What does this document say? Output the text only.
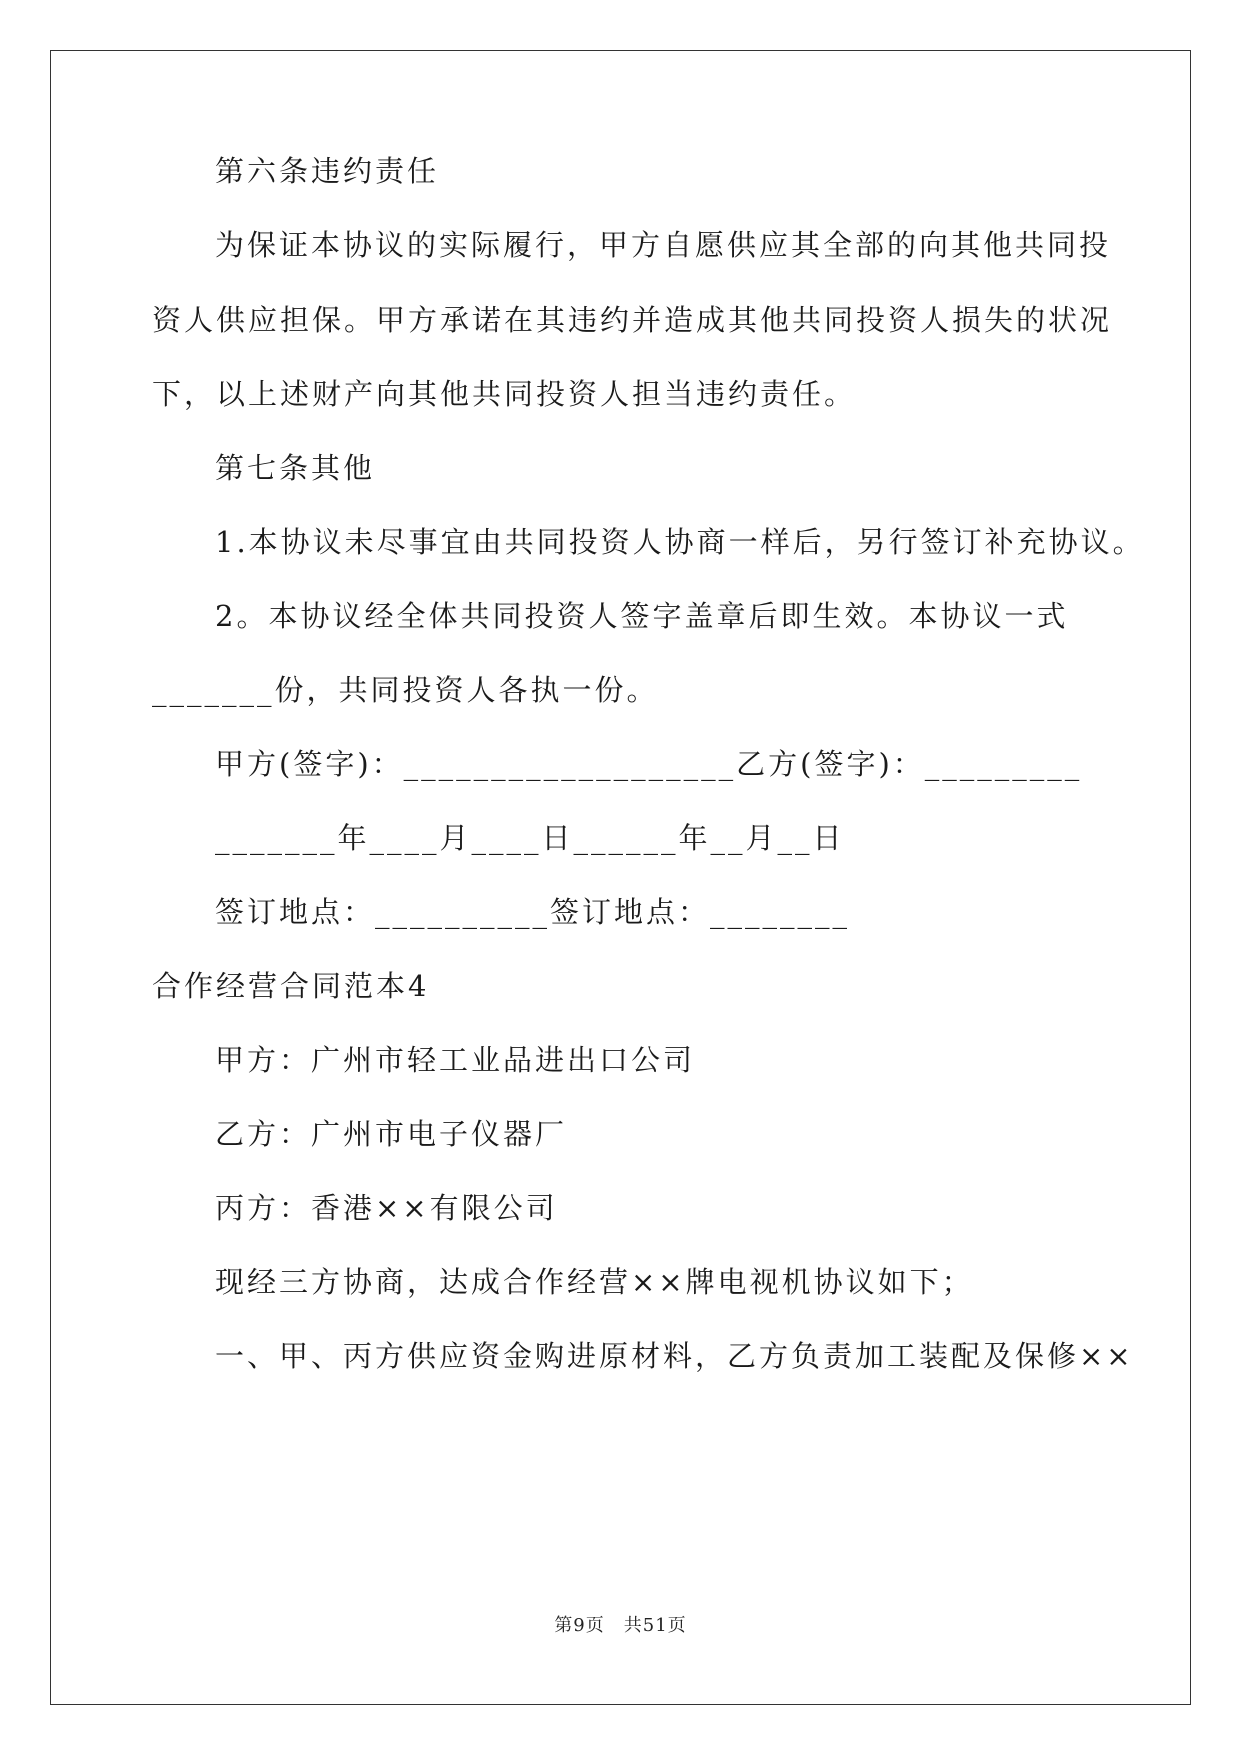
第六条违约责任
为保证本协议的实际履行，甲方自愿供应其全部的向其他共同投
资人供应担保。甲方承诺在其违约并造成其他共同投资人损失的状况
下，以上述财产向其他共同投资人担当违约责任。
第七条其他
1.本协议未尽事宜由共同投资人协商一样后，另行签订补充协议。
2。本协议经全体共同投资人签字盖章后即生效。本协议一式
_______份，共同投资人各执一份。
甲方(签字)：___________________乙方(签字)：_________
_______年____月____日______年__月__日
签订地点：__________签订地点：________
合作经营合同范本4
甲方：广州市轻工业品进出口公司
乙方：广州市电子仪器厂
丙方：香港××有限公司
现经三方协商，达成合作经营××牌电视机协议如下；
一、甲、丙方供应资金购进原材料，乙方负责加工装配及保修××
第9页　共51页
